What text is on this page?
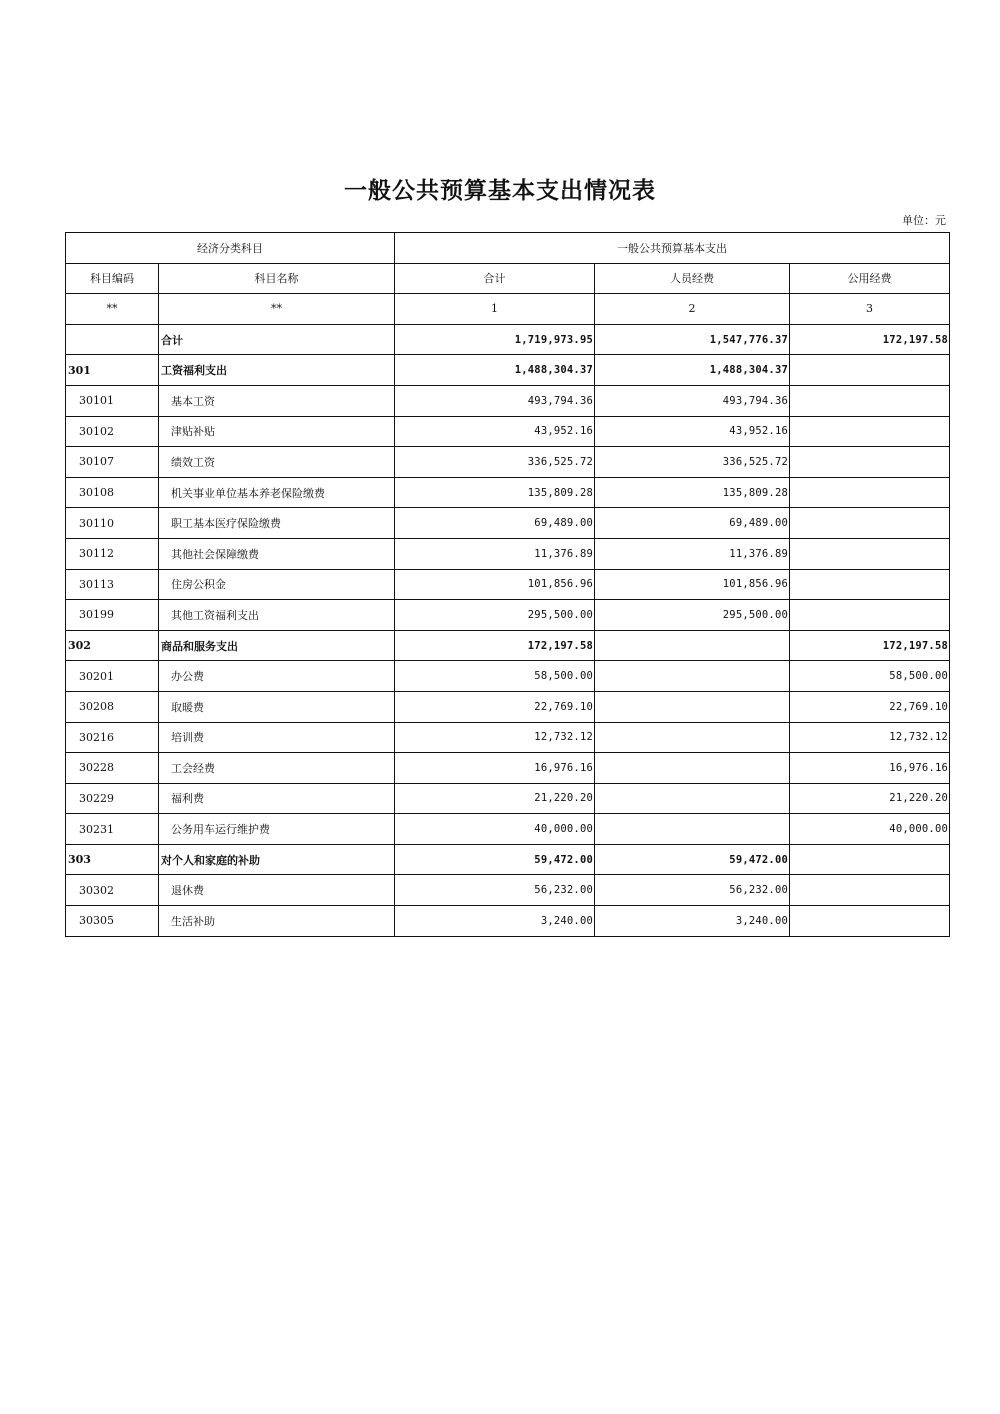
一般公共预算基本支出情况表
单位：元
经济分类科目		一般公共预算基本支出		
科目编码	科目名称	合计	人员经费	公用经费
**	**	1	2	3
	合计	1,719,973.95	1,547,776.37	172,197.58
301	工资福利支出	1,488,304.37	1,488,304.37	
30101	基本工资	493,794.36	493,794.36	
30102	津贴补贴	43,952.16	43,952.16	
30107	绩效工资	336,525.72	336,525.72	
30108	机关事业单位基本养老保险缴费	135,809.28	135,809.28	
30110	职工基本医疗保险缴费	69,489.00	69,489.00	
30112	其他社会保障缴费	11,376.89	11,376.89	
30113	住房公积金	101,856.96	101,856.96	
30199	其他工资福利支出	295,500.00	295,500.00	
302	商品和服务支出	172,197.58		172,197.58
30201	办公费	58,500.00		58,500.00
30208	取暖费	22,769.10		22,769.10
30216	培训费	12,732.12		12,732.12
30228	工会经费	16,976.16		16,976.16
30229	福利费	21,220.20		21,220.20
30231	公务用车运行维护费	40,000.00		40,000.00
303	对个人和家庭的补助	59,472.00	59,472.00	
30302	退休费	56,232.00	56,232.00	
30305	生活补助	3,240.00	3,240.00	
